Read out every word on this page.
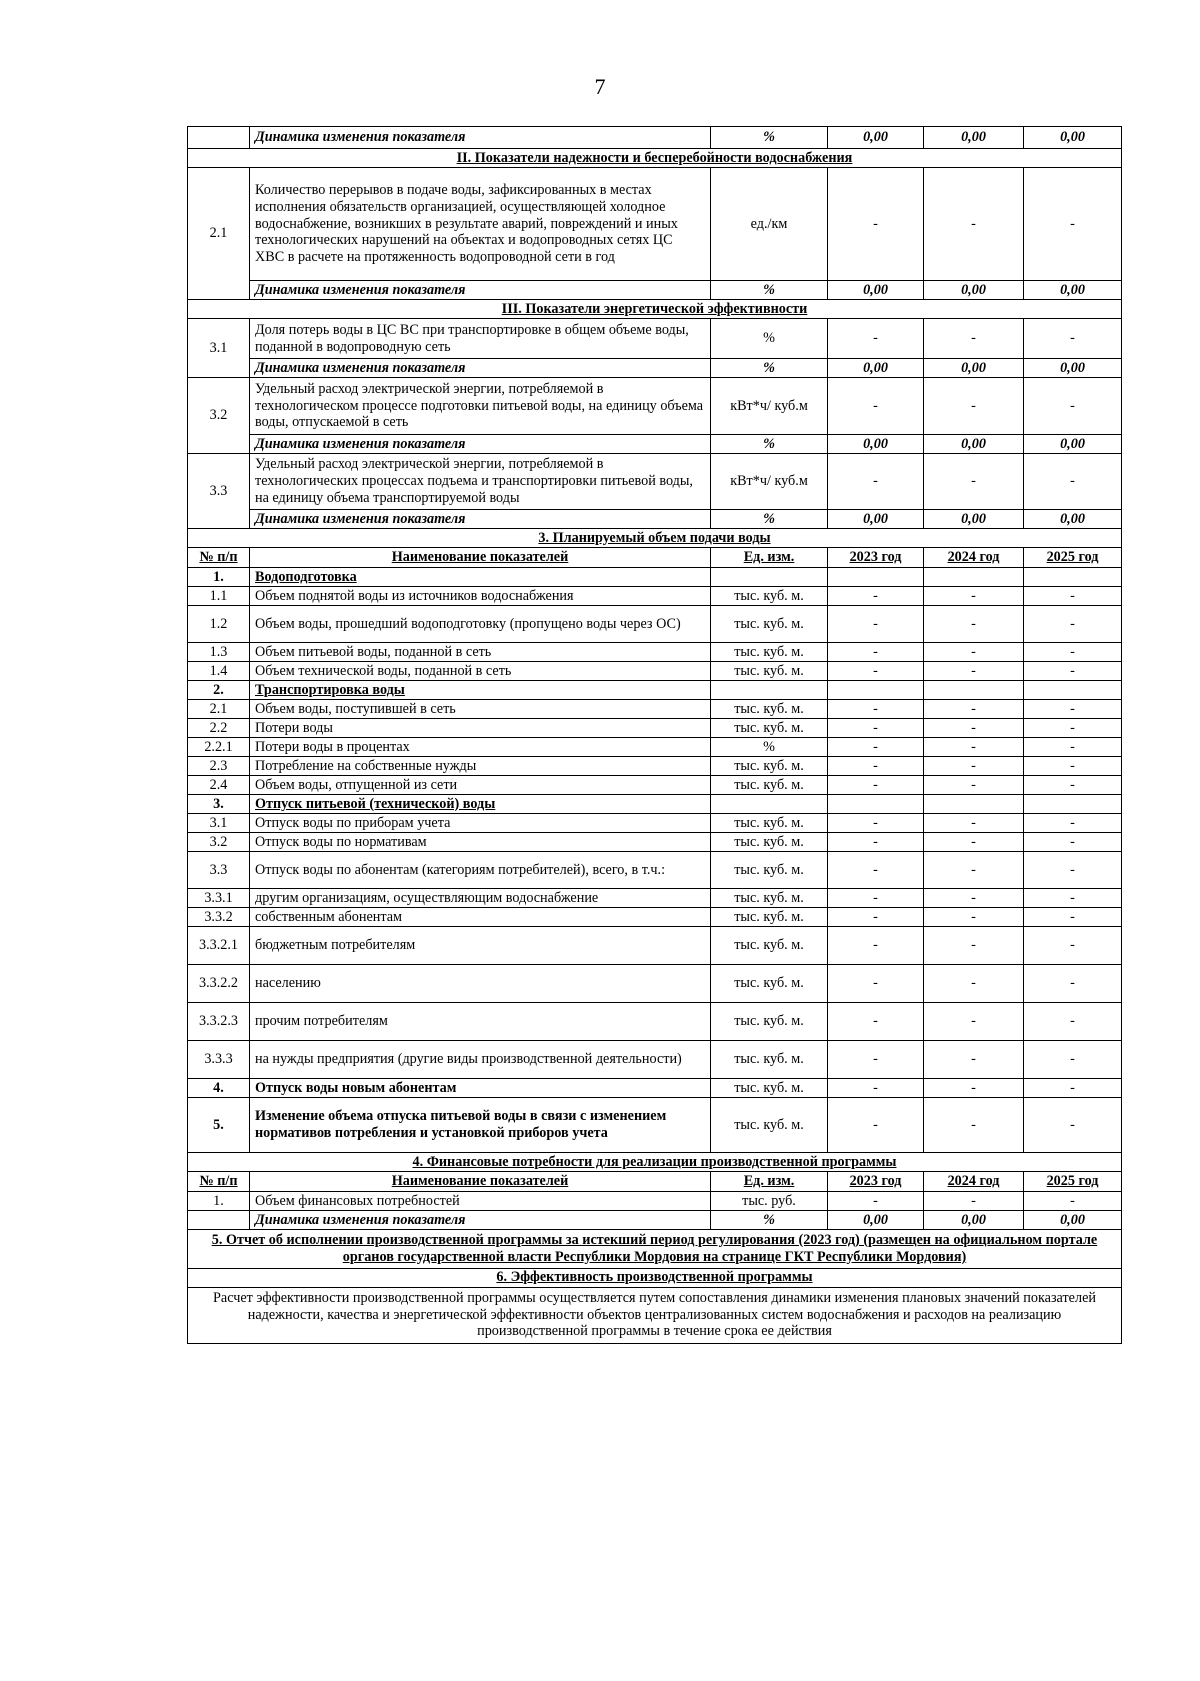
7
	Динамика изменения показателя	%	0,00	0,00	0,00
II. Показатели надежности и бесперебойности водоснабжения					
2.1	Количество перерывов в подаче воды, зафиксированных в местах исполнения обязательств организацией, осуществляющей холодное водоснабжение, возникших в результате аварий, повреждений и иных технологических нарушений на объектах и водопроводных сетях ЦС ХВС в расчете на протяженность водопроводной сети в год	ед./км	-	-	-
	Динамика изменения показателя	%	0,00	0,00	0,00
III. Показатели энергетической эффективности					
3.1	Доля потерь воды в ЦС ВС при транспортировке в общем объеме воды, поданной в водопроводную сеть	%	-	-	-
	Динамика изменения показателя	%	0,00	0,00	0,00
3.2	Удельный расход электрической энергии, потребляемой в технологическом процессе подготовки питьевой воды, на единицу объема воды, отпускаемой в сеть	кВт*ч/ куб.м	-	-	-
	Динамика изменения показателя	%	0,00	0,00	0,00
3.3	Удельный расход электрической энергии, потребляемой в технологических процессах подъема и транспортировки питьевой воды, на единицу объема транспортируемой воды	кВт*ч/ куб.м	-	-	-
	Динамика изменения показателя	%	0,00	0,00	0,00
3. Планируемый объем подачи воды					
№ п/п	Наименование показателей	Ед. изм.	2023 год	2024 год	2025 год
1.	Водоподготовка				
1.1	Объем поднятой воды из источников водоснабжения	тыс. куб. м.	-	-	-
1.2	Объем воды, прошедший водоподготовку (пропущено воды через ОС)	тыс. куб. м.	-	-	-
1.3	Объем питьевой воды, поданной в сеть	тыс. куб. м.	-	-	-
1.4	Объем технической воды, поданной в сеть	тыс. куб. м.	-	-	-
2.	Транспортировка воды				
2.1	Объем воды, поступившей в сеть	тыс. куб. м.	-	-	-
2.2	Потери воды	тыс. куб. м.	-	-	-
2.2.1	Потери воды в процентах	%	-	-	-
2.3	Потребление на собственные нужды	тыс. куб. м.	-	-	-
2.4	Объем воды, отпущенной из сети	тыс. куб. м.	-	-	-
3.	Отпуск питьевой (технической) воды				
3.1	Отпуск воды по приборам учета	тыс. куб. м.	-	-	-
3.2	Отпуск воды по нормативам	тыс. куб. м.	-	-	-
3.3	Отпуск воды по абонентам (категориям потребителей), всего, в т.ч.:	тыс. куб. м.	-	-	-
3.3.1	другим организациям, осуществляющим водоснабжение	тыс. куб. м.	-	-	-
3.3.2	собственным абонентам	тыс. куб. м.	-	-	-
3.3.2.1	бюджетным потребителям	тыс. куб. м.	-	-	-
3.3.2.2	населению	тыс. куб. м.	-	-	-
3.3.2.3	прочим потребителям	тыс. куб. м.	-	-	-
3.3.3	на нужды предприятия (другие виды производственной деятельности)	тыс. куб. м.	-	-	-
4.	Отпуск воды новым абонентам	тыс. куб. м.	-	-	-
5.	Изменение объема отпуска питьевой воды в связи с изменением нормативов потребления и установкой приборов учета	тыс. куб. м.	-	-	-
4. Финансовые потребности для реализации производственной программы					
№ п/п	Наименование показателей	Ед. изм.	2023 год	2024 год	2025 год
1.	Объем финансовых потребностей	тыс. руб.	-	-	-
	Динамика изменения показателя	%	0,00	0,00	0,00
5. Отчет об исполнении производственной программы за истекший период регулирования (2023 год) (размещен на официальном портале органов государственной власти Республики Мордовия на странице ГКТ Республики Мордовия)					
6. Эффективность производственной программы					
Расчет эффективности производственной программы осуществляется путем сопоставления динамики изменения плановых значений показателей надежности, качества и энергетической эффективности объектов централизованных систем водоснабжения и расходов на реализацию производственной программы в течение срока ее действия					
